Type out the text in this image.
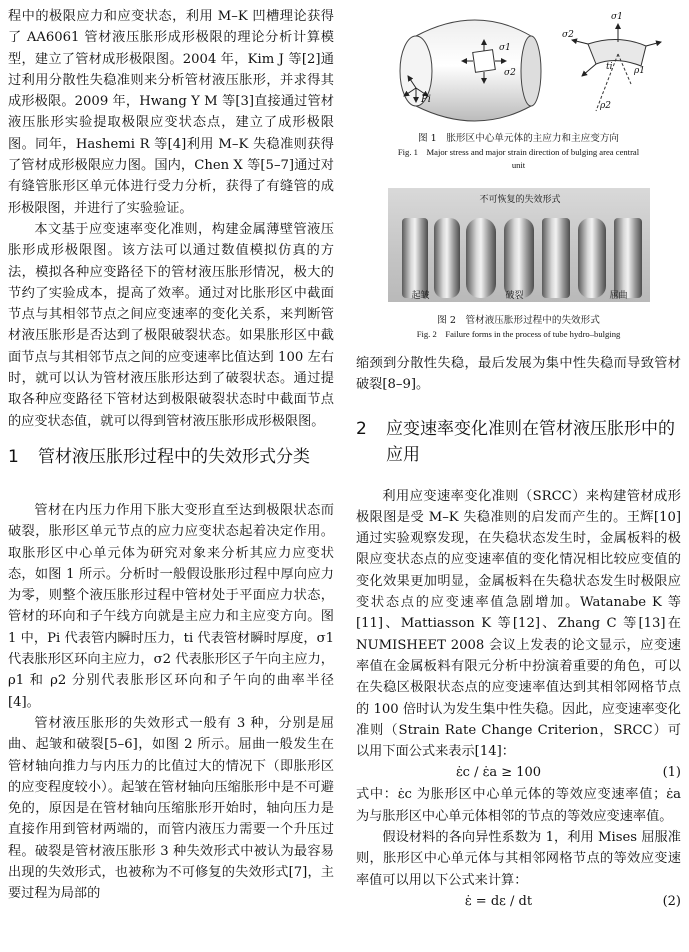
程中的极限应力和应变状态，利用 M–K 凹槽理论获得了 AA6061 管材液压胀形成形极限的理论分析计算模型，建立了管材成形极限图。2004 年，Kim J 等[2]通过利用分散性失稳准则来分析管材液压胀形，并求得其成形极限。2009 年，Hwang Y M 等[3]直接通过管材液压胀形实验提取极限应变状态点，建立了成形极限图。同年，Hashemi R 等[4]利用 M–K 失稳准则获得了管材成形极限应力图。国内，Chen X 等[5–7]通过对有缝管胀形区单元体进行受力分析，获得了有缝管的成形极限图，并进行了实验验证。

本文基于应变速率变化准则，构建金属薄壁管液压胀形成形极限图。该方法可以通过数值模拟仿真的方法，模拟各种应变路径下的管材液压胀形情况，极大的节约了实验成本，提高了效率。通过对比胀形区中截面节点与其相邻节点之间应变速率的变化关系，来判断管材液压胀形是否达到了极限破裂状态。如果胀形区中截面节点与其相邻节点之间的应变速率比值达到 100 左右时，就可以认为管材液压胀形达到了破裂状态。通过提取各种应变路径下管材达到极限破裂状态时中截面节点的应变状态值，就可以得到管材液压胀形成形极限图。

1	管材液压胀形过程中的失效形式分类

管材在内压力作用下胀大变形直至达到极限状态而破裂，胀形区单元节点的应力应变状态起着决定作用。取胀形区中心单元体为研究对象来分析其应力应变状态，如图 1 所示。分析时一般假设胀形过程中厚向应力为零，则整个液压胀形过程中管材处于平面应力状态，管材的环向和子午线方向就是主应力和主应变方向。图 1 中，Pi 代表管内瞬时压力，ti 代表管材瞬时厚度，σ1 代表胀形区环向主应力，σ2 代表胀形区子午向主应力，ρ1 和 ρ2 分别代表胀形区环向和子午向的曲率半径[4]。

管材液压胀形的失效形式一般有 3 种，分别是屈曲、起皱和破裂[5–6]，如图 2 所示。屈曲一般发生在管材轴向推力与内压力的比值过大的情况下（即胀形区的应变程度较小）。起皱在管材轴向压缩胀形中是不可避免的，原因是在管材轴向压缩胀形开始时，轴向压力是直接作用到管材两端的，而管内液压力需要一个升压过程。破裂是管材液压胀形 3 种失效形式中被认为最容易出现的失效形式，也被称为不可修复的失效形式[7]，主要过程为局部的

σ1
σ2
Pi
σ1
σ2
ti ρ1
ρ2

图 1　胀形区中心单元体的主应力和主应变方向

Fig. 1　Major stress and major strain direction of bulging area central unit

不可恢复的失效形式
起皱	破裂	屈曲

图 2　管材液压胀形过程中的失效形式

Fig. 2　Failure forms in the process of tube hydro–bulging

缩颈到分散性失稳，最后发展为集中性失稳而导致管材破裂[8–9]。

2	应变速率变化准则在管材液压胀形中的应用

利用应变速率变化准则（SRCC）来构建管材成形极限图是受 M–K 失稳准则的启发而产生的。王辉[10]通过实验观察发现，在失稳状态发生时，金属板料的极限应变状态点的应变速率值的变化情况相比较应变值的变化效果更加明显，金属板料在失稳状态发生时极限应变状态点的应变速率值急剧增加。Watanabe K 等[11]、Mattiasson K 等[12]、Zhang C 等[13]在 NUMISHEET 2008 会议上发表的论文显示，应变速率值在金属板料有限元分析中扮演着重要的角色，可以在失稳区极限状态点的应变速率值达到其相邻网格节点的 100 倍时认为发生集中性失稳。因此，应变速率变化准则（Strain Rate Change Criterion，SRCC）可以用下面公式来表示[14]：

ε̇c / ε̇a ≥ 100	(1)

式中：ε̇c 为胀形区中心单元体的等效应变速率值；ε̇a 为与胀形区中心单元体相邻的节点的等效应变速率值。

假设材料的各向异性系数为 1，利用 Mises 屈服准则，胀形区中心单元体与其相邻网格节点的等效应变速率值可以用以下公式来计算：

ε̇ = dε / dt	(2)
